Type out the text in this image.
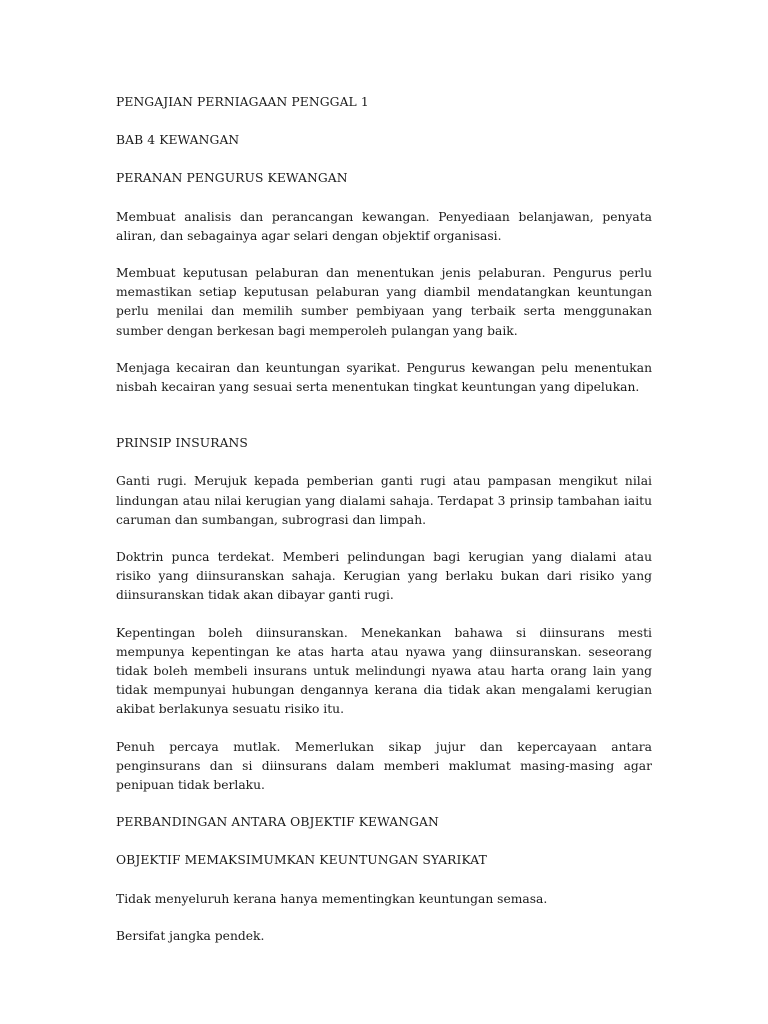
PENGAJIAN PERNIAGAAN PENGGAL 1
BAB 4 KEWANGAN
PERANAN PENGURUS KEWANGAN

Membuat analisis dan perancangan kewangan. Penyediaan belanjawan, penyata aliran, dan sebagainya agar selari dengan objektif organisasi.

Membuat keputusan pelaburan dan menentukan jenis pelaburan. Pengurus perlu memastikan setiap keputusan pelaburan yang diambil mendatangkan keuntungan perlu menilai dan memilih sumber pembiyaan yang terbaik serta menggunakan sumber dengan berkesan bagi memperoleh pulangan yang baik.

Menjaga kecairan dan keuntungan syarikat. Pengurus kewangan pelu menentukan nisbah kecairan yang sesuai serta menentukan tingkat keuntungan yang dipelukan.

PRINSIP INSURANS

Ganti rugi. Merujuk kepada pemberian ganti rugi atau pampasan mengikut nilai lindungan atau nilai kerugian yang dialami sahaja. Terdapat 3 prinsip tambahan iaitu caruman dan sumbangan, subrograsi dan limpah.

Doktrin punca terdekat. Memberi pelindungan bagi kerugian yang dialami atau risiko yang diinsuranskan sahaja. Kerugian yang berlaku bukan dari risiko yang diinsuranskan tidak akan dibayar ganti rugi.

Kepentingan boleh diinsuranskan. Menekankan bahawa si diinsurans mesti mempunya kepentingan ke atas harta atau nyawa yang diinsuranskan. seseorang tidak boleh membeli insurans untuk melindungi nyawa atau harta orang lain yang tidak mempunyai hubungan dengannya kerana dia tidak akan mengalami kerugian akibat berlakunya sesuatu risiko itu.

Penuh percaya mutlak. Memerlukan sikap jujur dan kepercayaan antara penginsurans dan si diinsurans dalam memberi maklumat masing-masing agar penipuan tidak berlaku.

PERBANDINGAN ANTARA OBJEKTIF KEWANGAN
OBJEKTIF MEMAKSIMUMKAN KEUNTUNGAN SYARIKAT

Tidak menyeluruh kerana hanya mementingkan keuntungan semasa.

Bersifat jangka pendek.
